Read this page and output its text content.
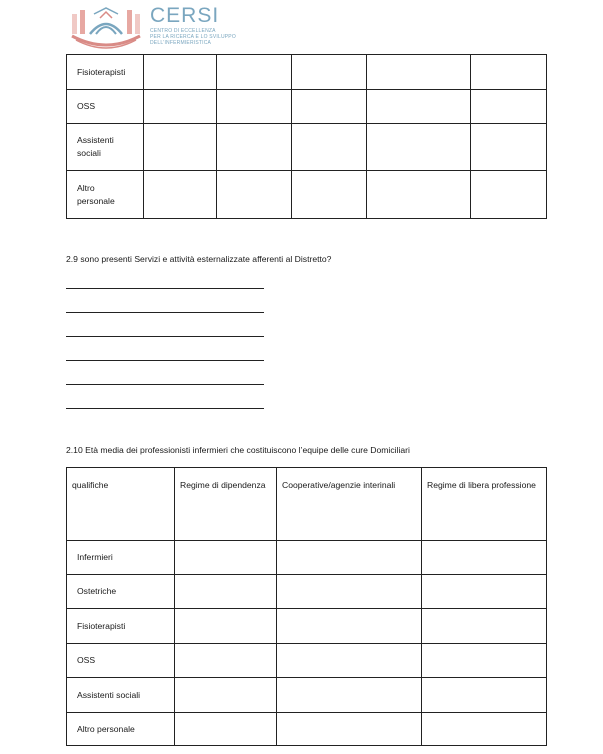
CERSI
CENTRO DI ECCELLENZA
PER LA RICERCA E LO SVILUPPO
DELL'INFERMIERISTICA
Fisioterapisti					
OSS					
Assistenti sociali					
Altro personale					
2.9 sono presenti Servizi e attività esternalizzate afferenti al Distretto?
2.10 Età media dei professionisti infermieri che costituiscono l’equipe delle cure Domiciliari
qualifiche	Regime di dipendenza	Cooperative/agenzie interinali	Regime di libera professione
Infermieri			
Ostetriche			
Fisioterapisti			
OSS			
Assistenti sociali			
Altro personale			
